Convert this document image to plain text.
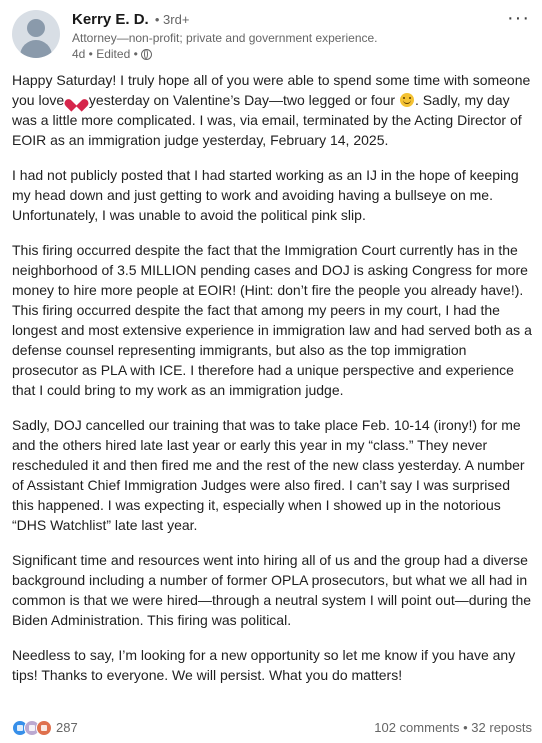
Kerry E. D. • 3rd+
Attorney—non-profit; private and government experience.
4d • Edited •
···

Happy Saturday! I truly hope all of you were able to spend some time with someone you love  yesterday on Valentine’s Day—two legged or four . Sadly, my day was a little more complicated. I was, via email, terminated by the Acting Director of EOIR as an immigration judge yesterday, February 14, 2025.

I had not publicly posted that I had started working as an IJ in the hope of keeping my head down and just getting to work and avoiding having a bullseye on me. Unfortunately, I was unable to avoid the political pink slip.

This firing occurred despite the fact that the Immigration Court currently has in the neighborhood of 3.5 MILLION pending cases and DOJ is asking Congress for more money to hire more people at EOIR! (Hint: don’t fire the people you already have!). This firing occurred despite the fact that among my peers in my court, I had the longest and most extensive experience in immigration law and had served both as a defense counsel representing immigrants, but also as the top immigration prosecutor as PLA with ICE. I therefore had a unique perspective and experience that I could bring to my work as an immigration judge.

Sadly, DOJ cancelled our training that was to take place Feb. 10-14 (irony!) for me and the others hired late last year or early this year in my “class.” They never rescheduled it and then fired me and the rest of the new class yesterday. A number of Assistant Chief Immigration Judges were also fired. I can’t say I was surprised this happened. I was expecting it, especially when I showed up in the notorious “DHS Watchlist” late last year.

Significant time and resources went into hiring all of us and the group had a diverse background including a number of former OPLA prosecutors, but what we all had in common is that we were hired—through a neutral system I will point out—during the Biden Administration. This firing was political.

Needless to say, I’m looking for a new opportunity so let me know if you have any tips! Thanks to everyone. We will persist. What you do matters!

287	102 comments • 32 reposts
